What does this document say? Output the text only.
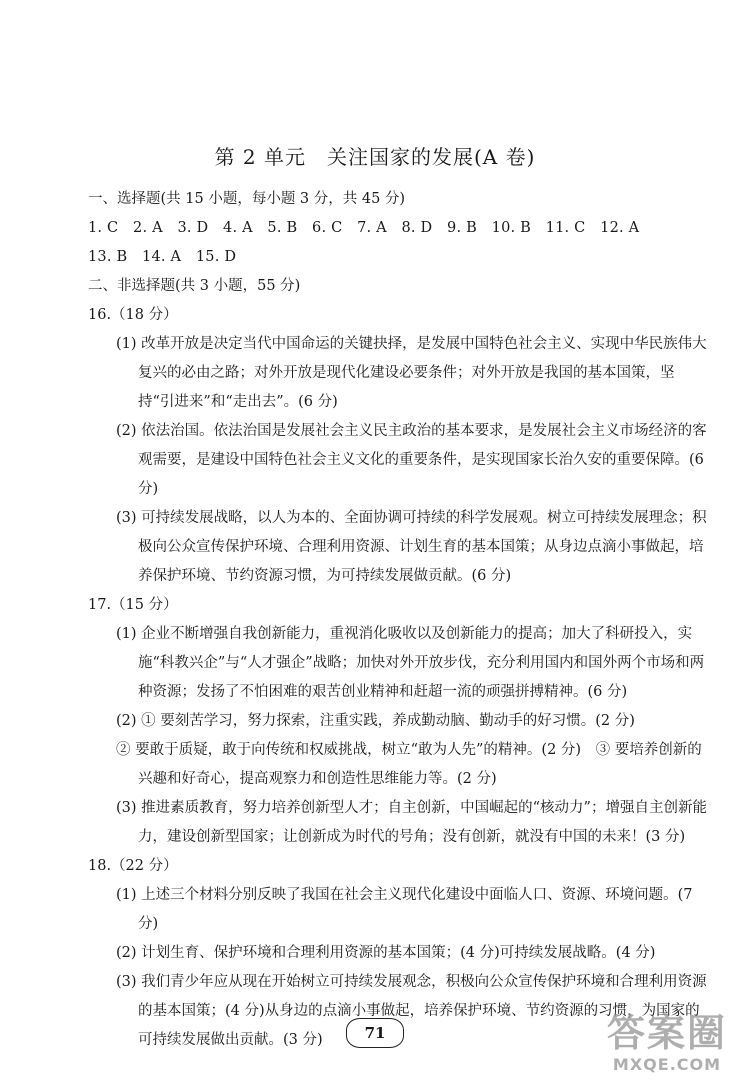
第 2 单元　关注国家的发展(A 卷)
一、选择题(共 15 小题，每小题 3 分，共 45 分)
1. C　2. A　3. D　4. A　5. B　6. C　7. A　8. D　9. B　10. B　11. C　12. A
13. B　14. A　15. D
二、非选择题(共 3 小题，55 分)
16.（18 分）
(1) 改革开放是决定当代中国命运的关键抉择，是发展中国特色社会主义、实现中华民族伟大复兴的必由之路；对外开放是现代化建设必要条件；对外开放是我国的基本国策，坚持“引进来”和“走出去”。(6 分)
(2) 依法治国。依法治国是发展社会主义民主政治的基本要求，是发展社会主义市场经济的客观需要，是建设中国特色社会主义文化的重要条件，是实现国家长治久安的重要保障。(6 分)
(3) 可持续发展战略，以人为本的、全面协调可持续的科学发展观。树立可持续发展理念；积极向公众宣传保护环境、合理利用资源、计划生育的基本国策；从身边点滴小事做起，培养保护环境、节约资源习惯，为可持续发展做贡献。(6 分)
17.（15 分）
(1) 企业不断增强自我创新能力，重视消化吸收以及创新能力的提高；加大了科研投入，实施“科教兴企”与“人才强企”战略；加快对外开放步伐，充分利用国内和国外两个市场和两种资源；发扬了不怕困难的艰苦创业精神和赶超一流的顽强拼搏精神。(6 分)
(2) ① 要刻苦学习，努力探索，注重实践，养成勤动脑、勤动手的好习惯。(2 分)
② 要敢于质疑，敢于向传统和权威挑战，树立“敢为人先”的精神。(2 分)　③ 要培养创新的兴趣和好奇心，提高观察力和创造性思维能力等。(2 分)
(3) 推进素质教育，努力培养创新型人才；自主创新，中国崛起的“核动力”；增强自主创新能力，建设创新型国家；让创新成为时代的号角；没有创新，就没有中国的未来！(3 分)
18.（22 分）
(1) 上述三个材料分别反映了我国在社会主义现代化建设中面临人口、资源、环境问题。(7 分)
(2) 计划生育、保护环境和合理利用资源的基本国策；(4 分)可持续发展战略。(4 分)
(3) 我们青少年应从现在开始树立可持续发展观念，积极向公众宣传保护环境和合理利用资源的基本国策；(4 分)从身边的点滴小事做起，培养保护环境、节约资源的习惯，为国家的可持续发展做出贡献。(3 分)	71	答案圈
MXQE.COM
